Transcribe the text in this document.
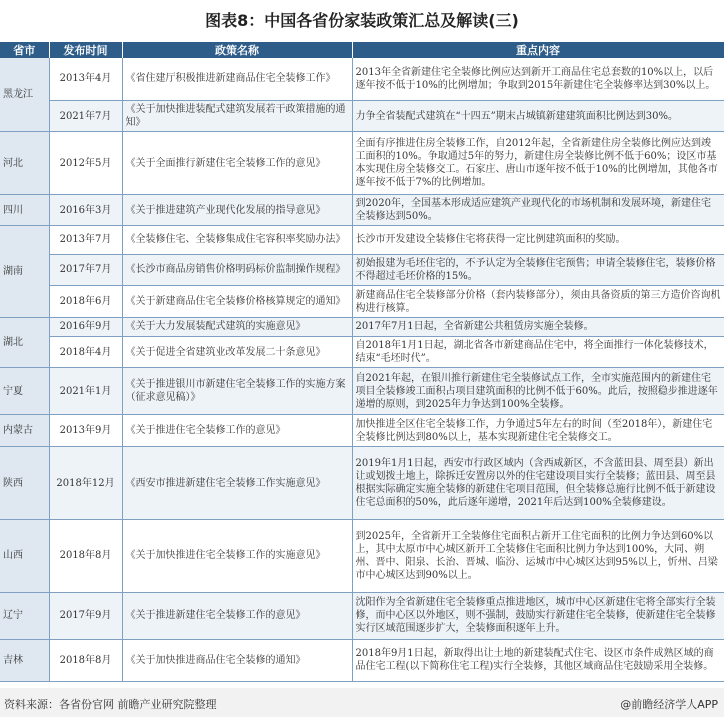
图表8：中国各省份家装政策汇总及解读(三)
省市	发布时间	政策名称	重点内容
黑龙江	2013年4月	《省住建厅积极推进新建商品住宅全装修工作》	2013年全省新建住宅全装修比例应达到新开工商品住宅总套数的10%以上，以后逐年按不低于10%的比例增加；争取到2015年新建住宅全装修率达到30%以上。
	2021年7月	《关于加快推进装配式建筑发展若干政策措施的通知》	力争全省装配式建筑在“十四五”期末占城镇新建建筑面积比例达到30%。
河北	2012年5月	《关于全面推行新建住宅全装修工作的意见》	全面有序推进住房全装修工作，自2012年起，全省新建住房全装修比例应达到竣工面积的10%。争取通过5年的努力，新建住房全装修比例不低于60%；设区市基本实现住房全装修交工。石家庄、唐山市逐年按不低于10%的比例增加，其他各市逐年按不低于7%的比例增加。
四川	2016年3月	《关于推进建筑产业现代化发展的指导意见》	到2020年，全国基本形成适应建筑产业现代化的市场机制和发展环境，新建住宅全装修达到50%。
湖南	2013年7月	《全装修住宅、全装修集成住宅容积率奖励办法》	长沙市开发建设全装修住宅将获得一定比例建筑面积的奖励。
	2017年7月	《长沙市商品房销售价格明码标价监制操作规程》	初始报建为毛坯住宅的，不予认定为全装修住宅预售；申请全装修住宅，装修价格不得超过毛坯价格的15%。
	2018年6月	《关于新建商品住宅全装修价格核算规定的通知》	新建商品住宅全装修部分价格（套内装修部分），须由具备资质的第三方造价咨询机构进行核算。
湖北	2016年9月	《关于大力发展装配式建筑的实施意见》	2017年7月1日起，全省新建公共租赁房实施全装修。
	2018年4月	《关于促进全省建筑业改革发展二十条意见》	自2018年1月1日起，湖北省各市新建商品住宅中，将全面推行一体化装修技术，结束“毛坯时代”。
宁夏	2021年1月	《关于推进银川市新建住宅全装修工作的实施方案（征求意见稿）》	自2021年起，在银川推行新建住宅全装修试点工作，全市实施范围内的新建住宅项目全装修竣工面积占项目建筑面积的比例不低于60%。此后，按照稳步推进逐年递增的原则，到2025年力争达到100%全装修。
内蒙古	2013年9月	《关于推进住宅全装修工作的意见》	加快推进全区住宅全装修工作，力争通过5年左右的时间（至2018年），新建住宅全装修比例达到80%以上，基本实现新建住宅全装修交工。
陕西	2018年12月	《西安市推进新建住宅全装修工作实施意见》	2019年1月1日起，西安市行政区域内（含西咸新区，不含蓝田县、周至县）新出让或划拨土地上，除拆迁安置房以外的住宅建设项目实行全装修；蓝田县、周至县根据实际确定实施全装修的新建住宅项目范围，但全装修总施行比例不低于新建设住宅总面积的50%，此后逐年递增，2021年后达到100%全装修建设。
山西	2018年8月	《关于加快推进住宅全装修工作的实施意见》	到2025年，全省新开工全装修住宅面积占新开工住宅面积的比例力争达到60%以上，其中太原市中心城区新开工全装修住宅面积比例力争达到100%，大同、朔州、晋中、阳泉、长治、晋城、临汾、运城市中心城区达到95%以上，忻州、吕梁市中心城区达到90%以上。
辽宁	2017年9月	《关于推进新建住宅全装修工作的意见》	沈阳作为全省新建住宅全装修重点推进地区，城市中心区新建住宅将全部实行全装修，而中心区以外地区，则不强制，鼓励实行新建住宅全装修，使新建住宅全装修实行区域范围逐步扩大，全装修面积逐年上升。
吉林	2018年8月	《关于加快推进商品住宅全装修的通知》	2018年9月1日起，新取得出让土地的新建装配式住宅、设区市条件成熟区域的商品住宅工程(以下简称住宅工程)实行全装修，其他区域商品住宅鼓励采用全装修。
资料来源：各省份官网 前瞻产业研究院整理	@前瞻经济学人APP
